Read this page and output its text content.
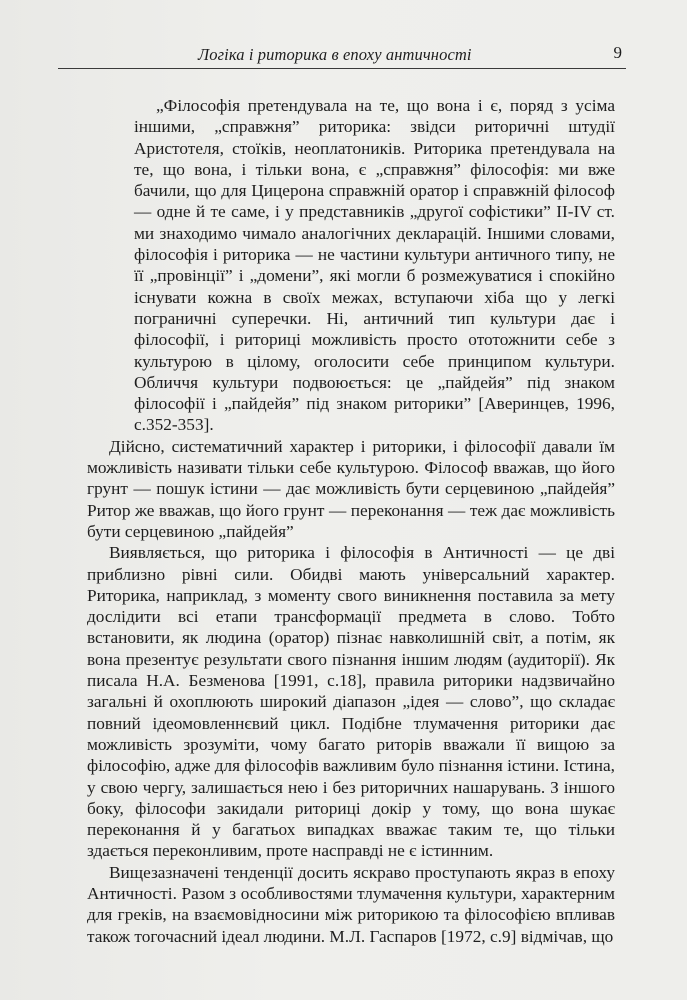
Логіка і риторика в епоху античності	9

„Філософія претендувала на те, що вона і є, поряд з усіма іншими, „справжня” риторика: звідси риторичні штудії Аристотеля, стоїків, неоплатоників. Риторика претендувала на те, що вона, і тільки вона, є „справжня” філософія: ми вже бачили, що для Цицерона справжній оратор і справжній філософ — одне й те саме, і у представників „другої софістики” II-IV ст. ми знаходимо чимало аналогічних декларацій. Іншими словами, філософія і риторика — не частини культури античного типу, не її „провінції” і „домени”, які могли б розмежуватися і спокійно існувати кожна в своїх межах, вступаючи хіба що у легкі пограничні суперечки. Ні, античний тип культури дає і філософії, і риториці можливість просто ототожнити себе з культурою в цілому, оголосити себе принципом культури. Обличчя культури подвоюється: це „пайдейя” під знаком філософії і „пайдейя” під знаком риторики” [Аверинцев, 1996, с.352-353].

Дійсно, систематичний характер і риторики, і філософії давали їм можливість називати тільки себе культурою. Філософ вважав, що його грунт — пошук істини — дає можливість бути серцевиною „пайдейя” Ритор же вважав, що його грунт — переконання — теж дає можливість бути серцевиною „пайдейя”

Виявляється, що риторика і філософія в Античності — це дві приблизно рівні сили. Обидві мають універсальний характер. Риторика, наприклад, з моменту свого виникнення поставила за мету дослідити всі етапи трансформації предмета в слово. Тобто встановити, як людина (оратор) пізнає навколишній світ, а потім, як вона презентує результати свого пізнання іншим людям (аудиторії). Як писала Н.А. Безменова [1991, с.18], правила риторики надзвичайно загальні й охоплюють широкий діапазон „ідея — слово”, що складає повний ідеомовленнєвий цикл. Подібне тлумачення риторики дає можливість зрозуміти, чому багато риторів вважали її вищою за філософію, адже для філософів важливим було пізнання істини. Істина, у свою чергу, залишається нею і без риторичних нашарувань. З іншого боку, філософи закидали риториці докір у тому, що вона шукає переконання й у багатьох випадках вважає таким те, що тільки здається переконливим, проте насправді не є істинним.

Вищезазначені тенденції досить яскраво проступають якраз в епоху Античності. Разом з особливостями тлумачення культури, характерним для греків, на взаємовідносини між риторикою та філософією впливав також тогочасний ідеал людини. М.Л. Гаспаров [1972, с.9] відмічав, що
